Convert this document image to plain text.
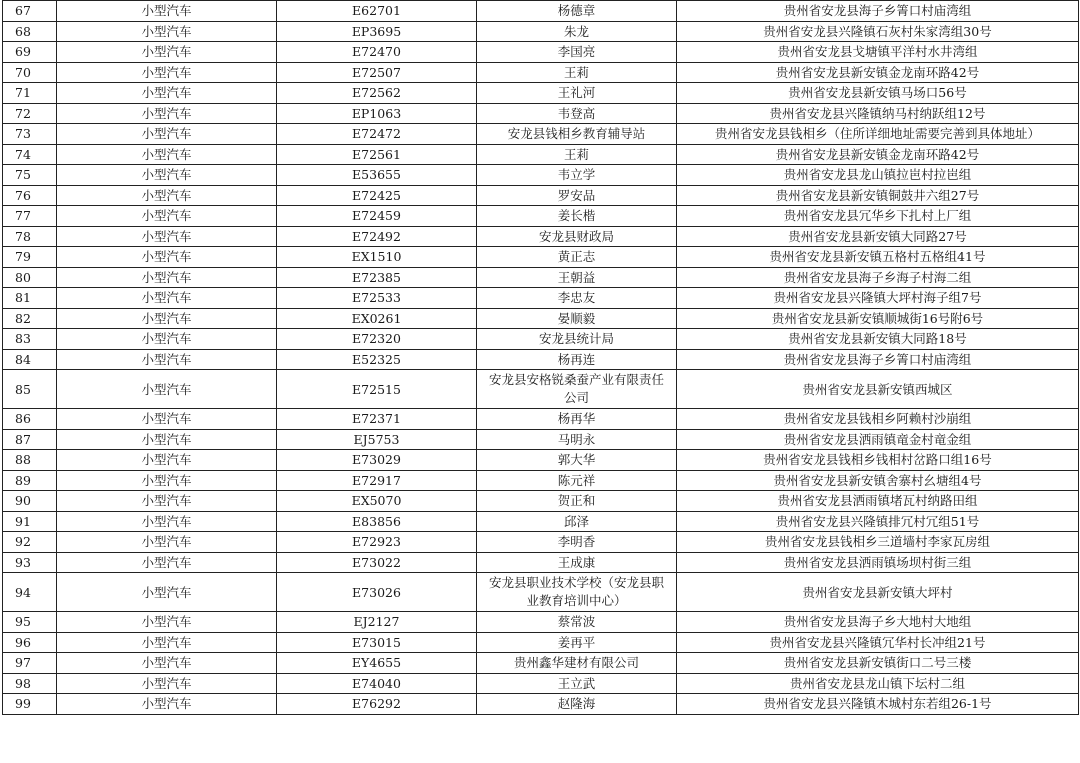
67	小型汽车	E62701	杨德章	贵州省安龙县海子乡箐口村庙湾组
68	小型汽车	EP3695	朱龙	贵州省安龙县兴隆镇石灰村朱家湾组30号
69	小型汽车	E72470	李国亮	贵州省安龙县戈塘镇平洋村水井湾组
70	小型汽车	E72507	王莉	贵州省安龙县新安镇金龙南环路42号
71	小型汽车	E72562	王礼河	贵州省安龙县新安镇马场口56号
72	小型汽车	EP1063	韦登高	贵州省安龙县兴隆镇纳马村纳跃组12号
73	小型汽车	E72472	安龙县钱相乡教育辅导站	贵州省安龙县钱相乡（住所详细地址需要完善到具体地址）
74	小型汽车	E72561	王莉	贵州省安龙县新安镇金龙南环路42号
75	小型汽车	E53655	韦立学	贵州省安龙县龙山镇拉岜村拉岜组
76	小型汽车	E72425	罗安品	贵州省安龙县新安镇铜鼓井六组27号
77	小型汽车	E72459	姜长楷	贵州省安龙县冗华乡下扎村上厂组
78	小型汽车	E72492	安龙县财政局	贵州省安龙县新安镇大同路27号
79	小型汽车	EX1510	黄正志	贵州省安龙县新安镇五格村五格组41号
80	小型汽车	E72385	王朝益	贵州省安龙县海子乡海子村海二组
81	小型汽车	E72533	李忠友	贵州省安龙县兴隆镇大坪村海子组7号
82	小型汽车	EX0261	晏顺毅	贵州省安龙县新安镇顺城街16号附6号
83	小型汽车	E72320	安龙县统计局	贵州省安龙县新安镇大同路18号
84	小型汽车	E52325	杨再连	贵州省安龙县海子乡箐口村庙湾组
85	小型汽车	E72515	安龙县安格锐桑蚕产业有限责任公司	贵州省安龙县新安镇西城区
86	小型汽车	E72371	杨再华	贵州省安龙县钱相乡阿赖村沙崩组
87	小型汽车	EJ5753	马明永	贵州省安龙县洒雨镇竜金村竜金组
88	小型汽车	E73029	郭大华	贵州省安龙县钱相乡钱相村岔路口组16号
89	小型汽车	E72917	陈元祥	贵州省安龙县新安镇舍寨村幺塘组4号
90	小型汽车	EX5070	贺正和	贵州省安龙县洒雨镇堵瓦村纳路田组
91	小型汽车	E83856	邱泽	贵州省安龙县兴隆镇排冗村冗组51号
92	小型汽车	E72923	李明香	贵州省安龙县钱相乡三道墙村李家瓦房组
93	小型汽车	E73022	王成康	贵州省安龙县洒雨镇场坝村街三组
94	小型汽车	E73026	安龙县职业技术学校（安龙县职业教育培训中心）	贵州省安龙县新安镇大坪村
95	小型汽车	EJ2127	蔡常波	贵州省安龙县海子乡大地村大地组
96	小型汽车	E73015	姜再平	贵州省安龙县兴隆镇冗华村长冲组21号
97	小型汽车	EY4655	贵州鑫华建材有限公司	贵州省安龙县新安镇街口二号三楼
98	小型汽车	E74040	王立武	贵州省安龙县龙山镇下坛村二组
99	小型汽车	E76292	赵隆海	贵州省安龙县兴隆镇木城村东若组26-1号
